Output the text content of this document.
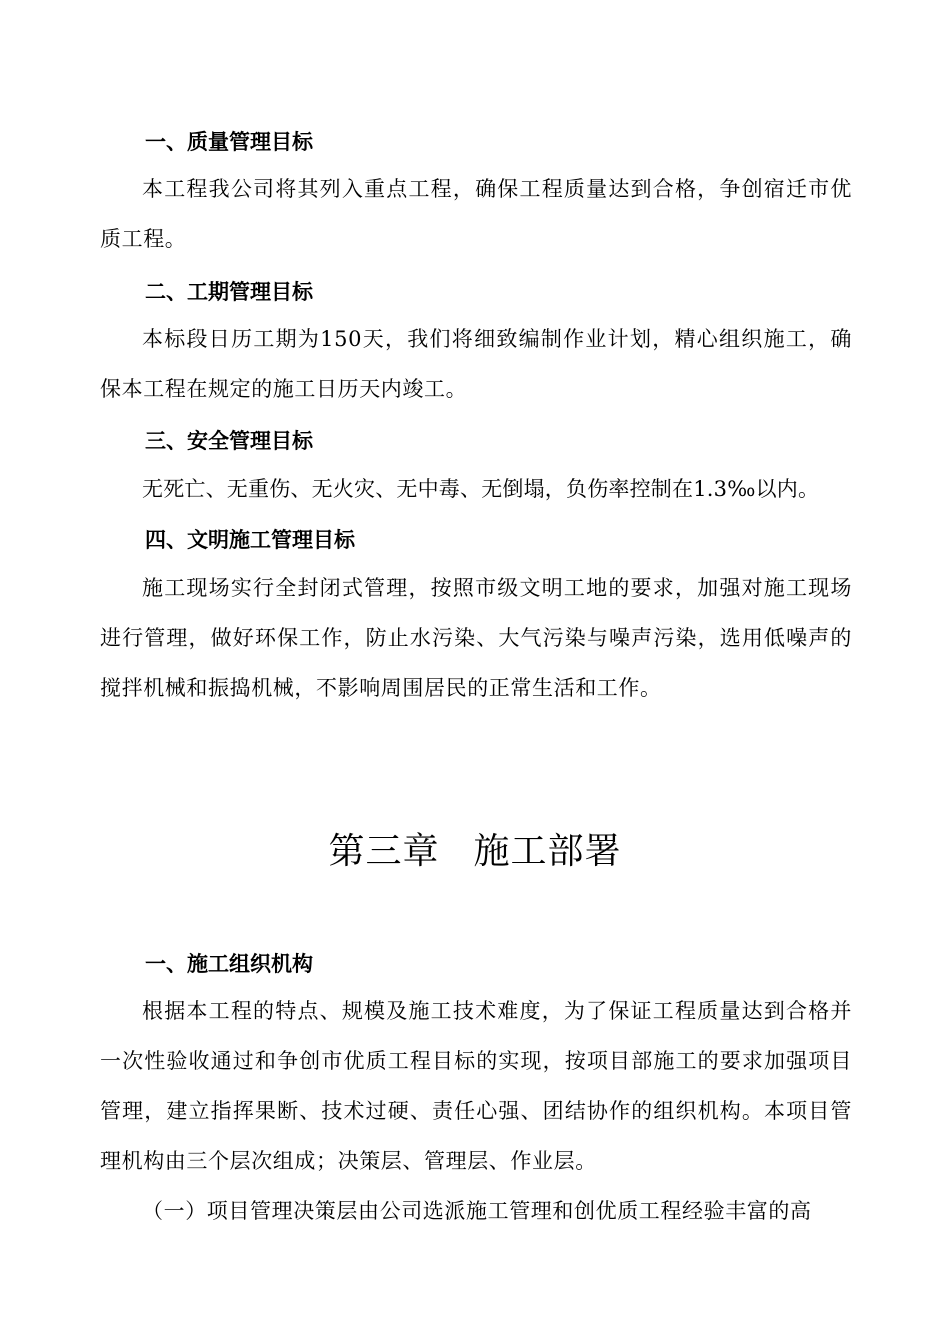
一、质量管理目标
本工程我公司将其列入重点工程，确保工程质量达到合格，争创宿迁市优质工程。
二、工期管理目标
本标段日历工期为150天，我们将细致编制作业计划，精心组织施工，确保本工程在规定的施工日历天内竣工。
三、安全管理目标
无死亡、无重伤、无火灾、无中毒、无倒塌，负伤率控制在1.3‰以内。
四、文明施工管理目标
施工现场实行全封闭式管理，按照市级文明工地的要求，加强对施工现场进行管理，做好环保工作，防止水污染、大气污染与噪声污染，选用低噪声的搅拌机械和振捣机械，不影响周围居民的正常生活和工作。
第三章 施工部署
一、施工组织机构
根据本工程的特点、规模及施工技术难度，为了保证工程质量达到合格并一次性验收通过和争创市优质工程目标的实现，按项目部施工的要求加强项目管理，建立指挥果断、技术过硬、责任心强、团结协作的组织机构。本项目管理机构由三个层次组成；决策层、管理层、作业层。
（一）项目管理决策层由公司选派施工管理和创优质工程经验丰富的高
